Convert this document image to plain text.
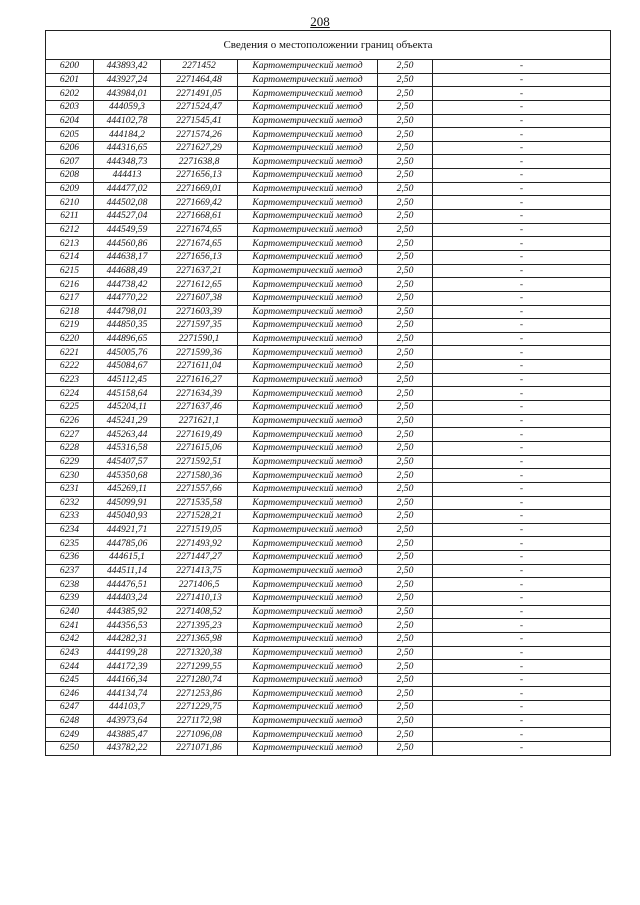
208
Сведения о местоположении границ объекта					
6200	443893,42	2271452	Картометрический метод	2,50	-
6201	443927,24	2271464,48	Картометрический метод	2,50	-
6202	443984,01	2271491,05	Картометрический метод	2,50	-
6203	444059,3	2271524,47	Картометрический метод	2,50	-
6204	444102,78	2271545,41	Картометрический метод	2,50	-
6205	444184,2	2271574,26	Картометрический метод	2,50	-
6206	444316,65	2271627,29	Картометрический метод	2,50	-
6207	444348,73	2271638,8	Картометрический метод	2,50	-
6208	444413	2271656,13	Картометрический метод	2,50	-
6209	444477,02	2271669,01	Картометрический метод	2,50	-
6210	444502,08	2271669,42	Картометрический метод	2,50	-
6211	444527,04	2271668,61	Картометрический метод	2,50	-
6212	444549,59	2271674,65	Картометрический метод	2,50	-
6213	444560,86	2271674,65	Картометрический метод	2,50	-
6214	444638,17	2271656,13	Картометрический метод	2,50	-
6215	444688,49	2271637,21	Картометрический метод	2,50	-
6216	444738,42	2271612,65	Картометрический метод	2,50	-
6217	444770,22	2271607,38	Картометрический метод	2,50	-
6218	444798,01	2271603,39	Картометрический метод	2,50	-
6219	444850,35	2271597,35	Картометрический метод	2,50	-
6220	444896,65	2271590,1	Картометрический метод	2,50	-
6221	445005,76	2271599,36	Картометрический метод	2,50	-
6222	445084,67	2271611,04	Картометрический метод	2,50	-
6223	445112,45	2271616,27	Картометрический метод	2,50	-
6224	445158,64	2271634,39	Картометрический метод	2,50	-
6225	445204,11	2271637,46	Картометрический метод	2,50	-
6226	445241,29	2271621,1	Картометрический метод	2,50	-
6227	445263,44	2271619,49	Картометрический метод	2,50	-
6228	445316,58	2271615,06	Картометрический метод	2,50	-
6229	445407,57	2271592,51	Картометрический метод	2,50	-
6230	445350,68	2271580,36	Картометрический метод	2,50	-
6231	445269,11	2271557,66	Картометрический метод	2,50	-
6232	445099,91	2271535,58	Картометрический метод	2,50	-
6233	445040,93	2271528,21	Картометрический метод	2,50	-
6234	444921,71	2271519,05	Картометрический метод	2,50	-
6235	444785,06	2271493,92	Картометрический метод	2,50	-
6236	444615,1	2271447,27	Картометрический метод	2,50	-
6237	444511,14	2271413,75	Картометрический метод	2,50	-
6238	444476,51	2271406,5	Картометрический метод	2,50	-
6239	444403,24	2271410,13	Картометрический метод	2,50	-
6240	444385,92	2271408,52	Картометрический метод	2,50	-
6241	444356,53	2271395,23	Картометрический метод	2,50	-
6242	444282,31	2271365,98	Картометрический метод	2,50	-
6243	444199,28	2271320,38	Картометрический метод	2,50	-
6244	444172,39	2271299,55	Картометрический метод	2,50	-
6245	444166,34	2271280,74	Картометрический метод	2,50	-
6246	444134,74	2271253,86	Картометрический метод	2,50	-
6247	444103,7	2271229,75	Картометрический метод	2,50	-
6248	443973,64	2271172,98	Картометрический метод	2,50	-
6249	443885,47	2271096,08	Картометрический метод	2,50	-
6250	443782,22	2271071,86	Картометрический метод	2,50	-
